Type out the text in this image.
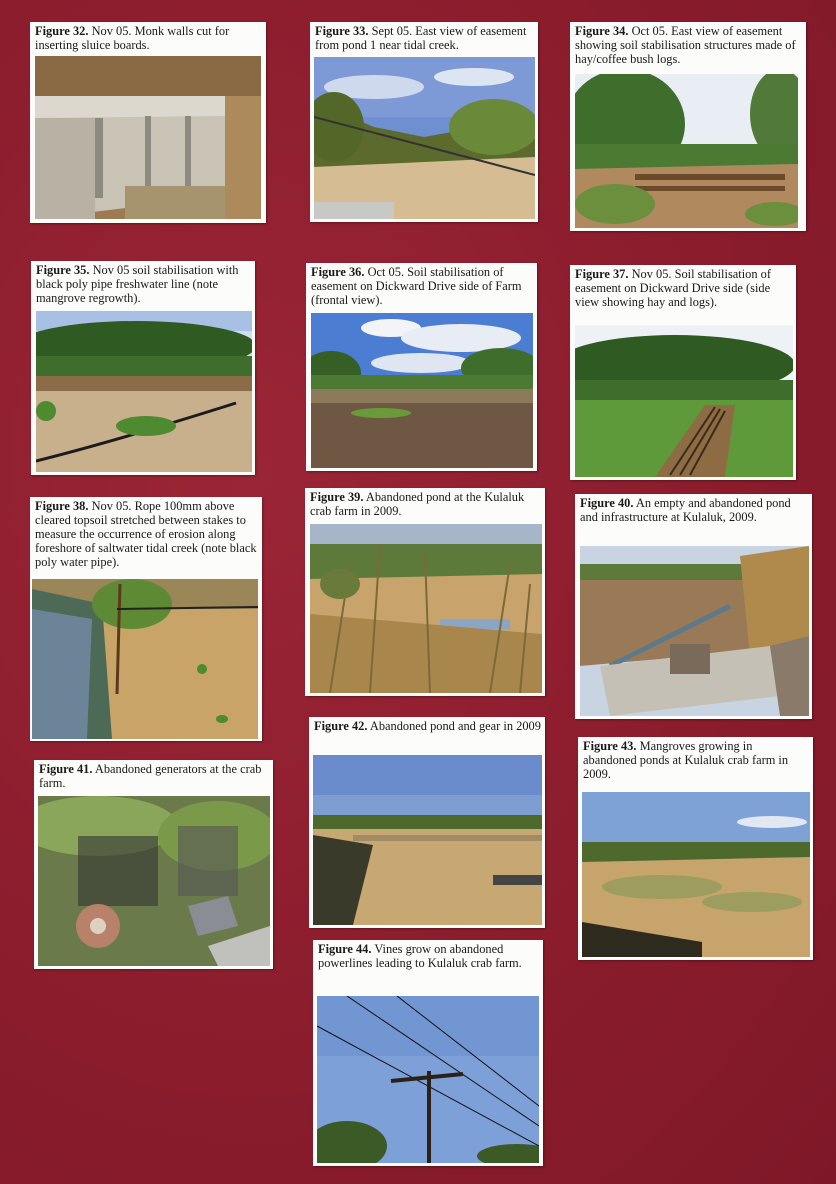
Figure 32. Nov 05. Monk walls cut for inserting sluice boards.
Figure 33. Sept 05. East view of easement from pond 1 near tidal creek.
Figure 34. Oct 05. East view of easement showing soil stabilisation structures made of hay/coffee bush logs.
Figure 35. Nov 05 soil stabilisation with black poly pipe freshwater line (note mangrove regrowth).
Figure 36. Oct 05. Soil stabilisation of easement on Dickward Drive side of Farm (frontal view).
Figure 37. Nov 05. Soil stabilisation of easement on Dickward Drive side (side view showing hay and logs).
Figure 38. Nov 05. Rope 100mm above cleared topsoil stretched between stakes to measure the occurrence of erosion along foreshore of saltwater tidal creek (note black poly water pipe).
Figure 39. Abandoned pond at the Kulaluk crab farm in 2009.
Figure 40. An empty and abandoned pond and infrastructure at Kulaluk, 2009.
Figure 41. Abandoned generators at the crab farm.
Figure 42. Abandoned pond and gear in 2009
Figure 43. Mangroves growing in abandoned ponds at Kulaluk crab farm in 2009.
Figure 44. Vines grow on abandoned powerlines leading to Kulaluk crab farm.
